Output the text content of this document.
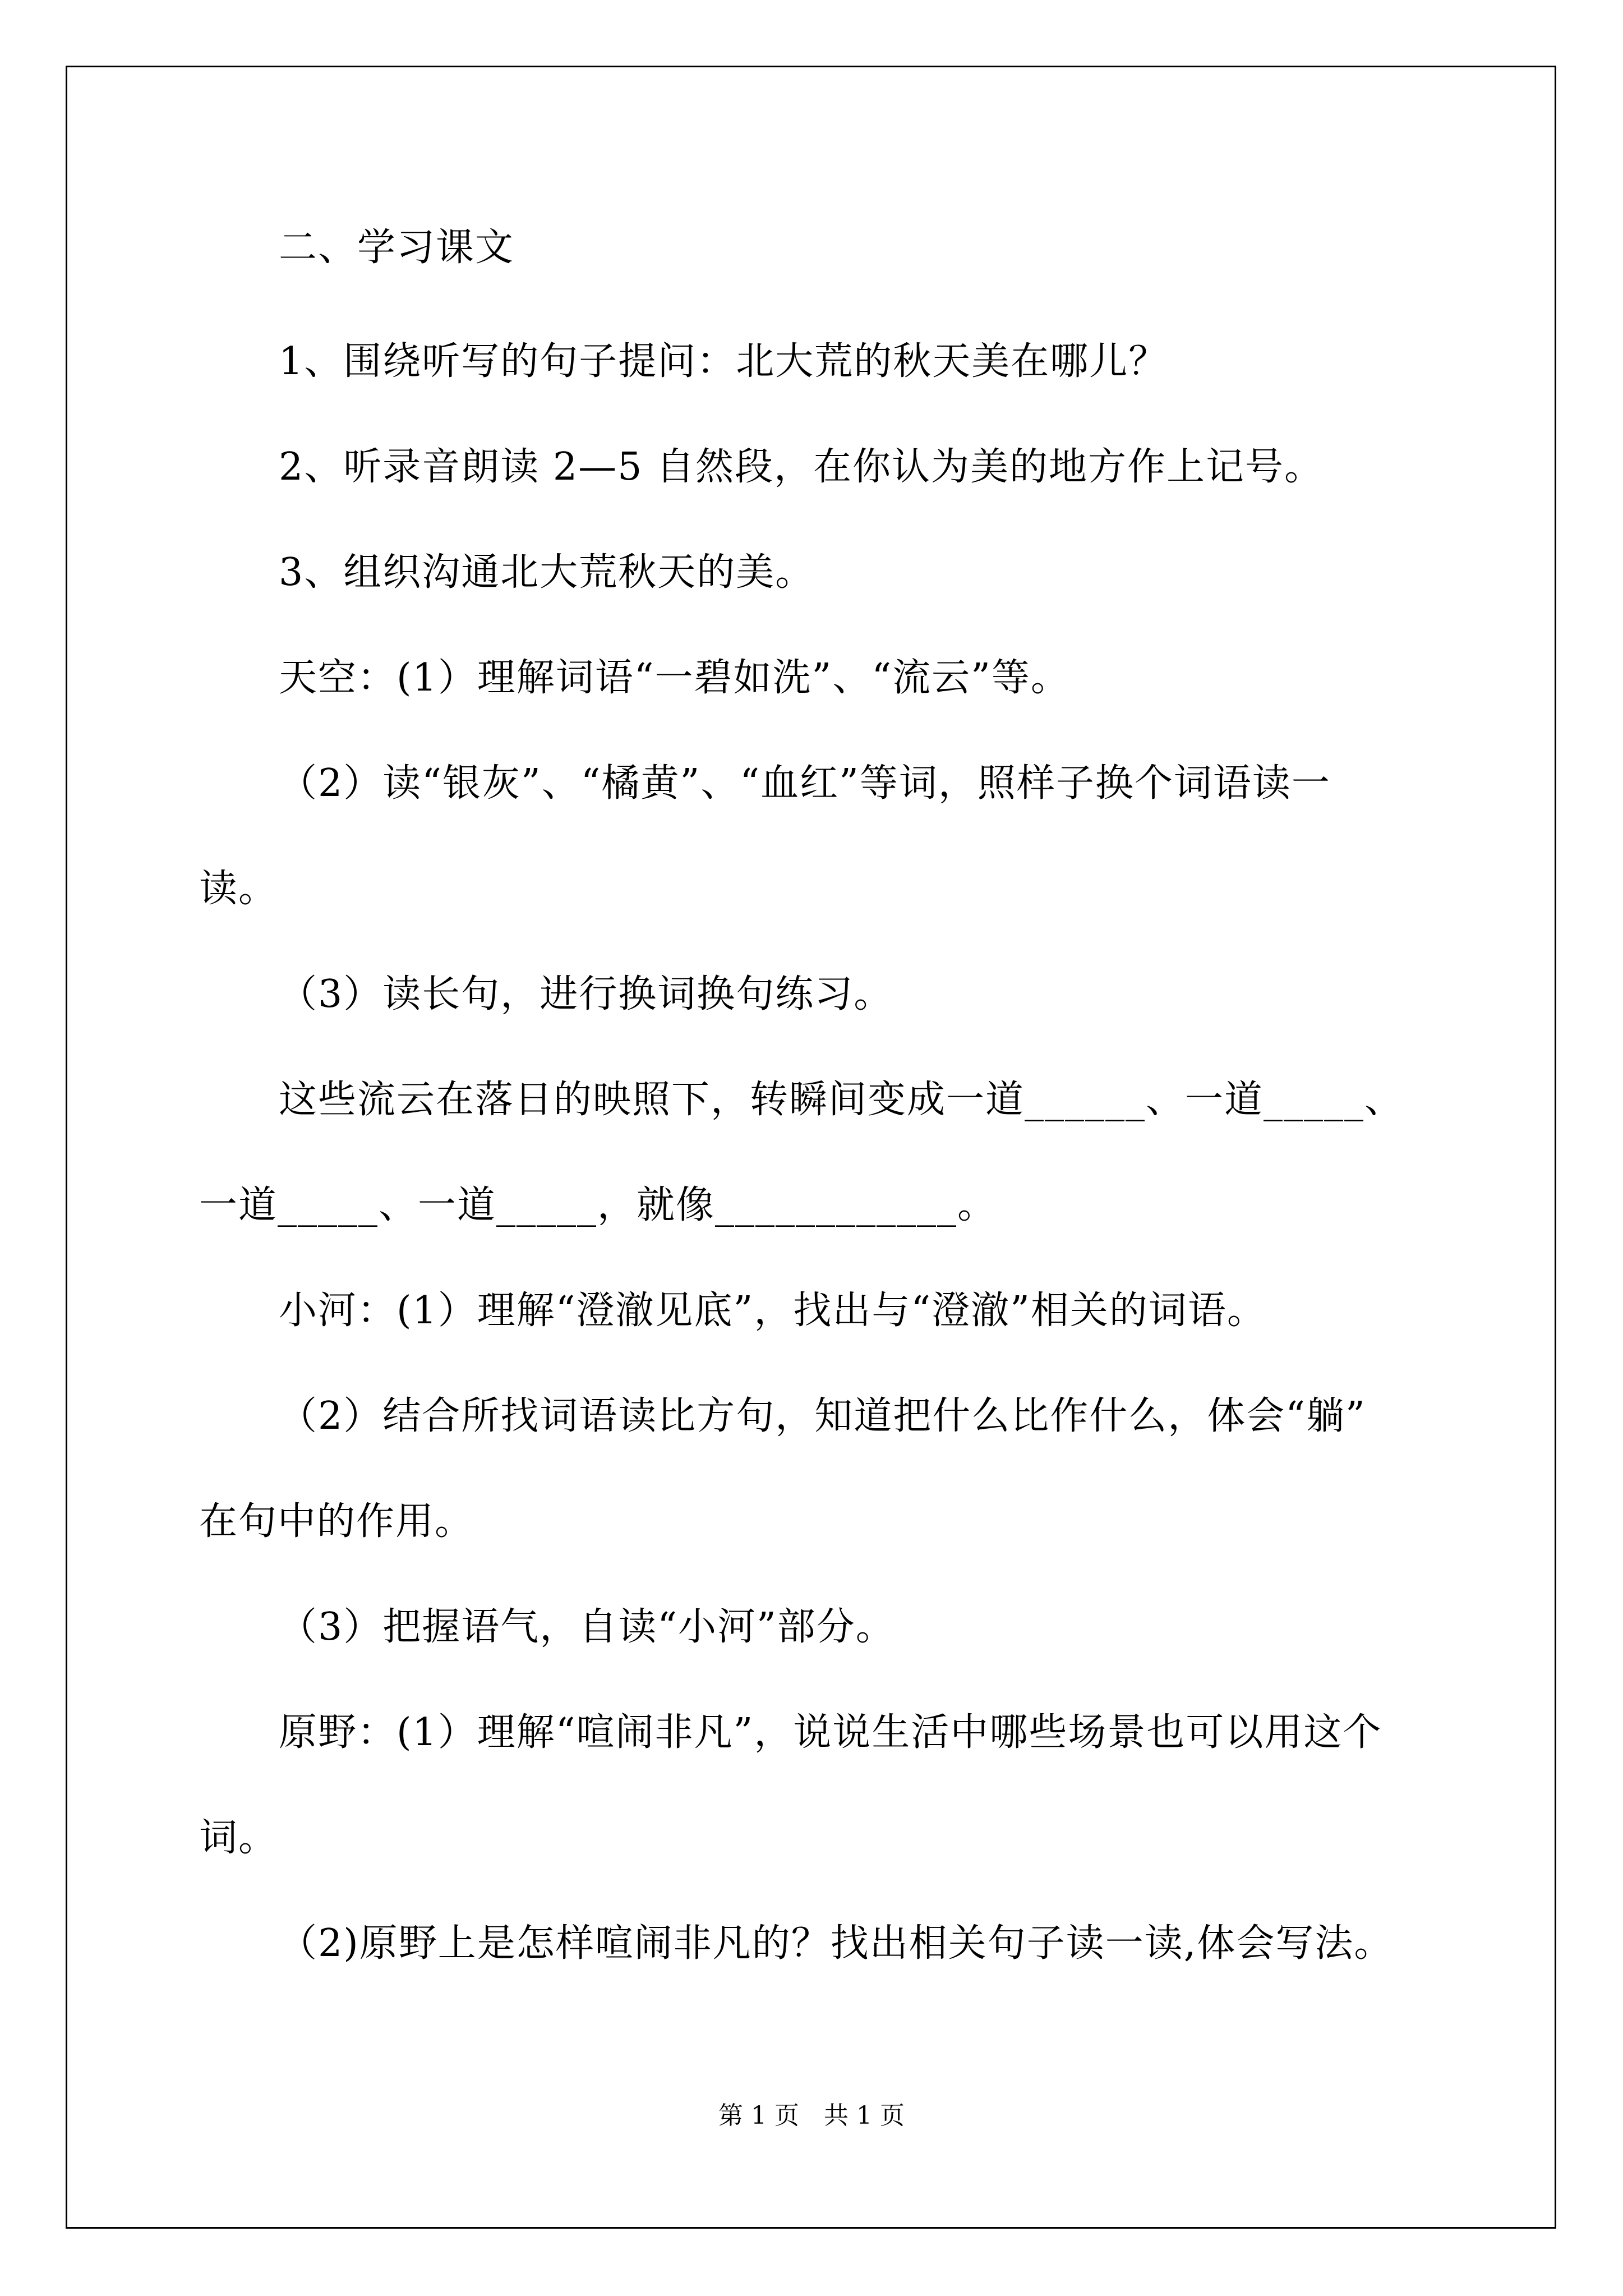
二、学习课文

1、围绕听写的句子提问：北大荒的秋天美在哪儿？

2、听录音朗读 2—5 自然段，在你认为美的地方作上记号。

3、组织沟通北大荒秋天的美。

天空：(1）理解词语“一碧如洗”、“流云”等。

（2）读“银灰”、“橘黄”、“血红”等词，照样子换个词语读一

读。

（3）读长句，进行换词换句练习。

这些流云在落日的映照下，转瞬间变成一道______、一道_____、

一道_____、一道_____，就像____________。

小河：(1）理解“澄澈见底”，找出与“澄澈”相关的词语。

（2）结合所找词语读比方句，知道把什么比作什么，体会“躺”

在句中的作用。

（3）把握语气，自读“小河”部分。

原野：(1）理解“喧闹非凡”，说说生活中哪些场景也可以用这个

词。

（2)原野上是怎样喧闹非凡的？找出相关句子读一读,体会写法。

第 1 页 共 1 页
